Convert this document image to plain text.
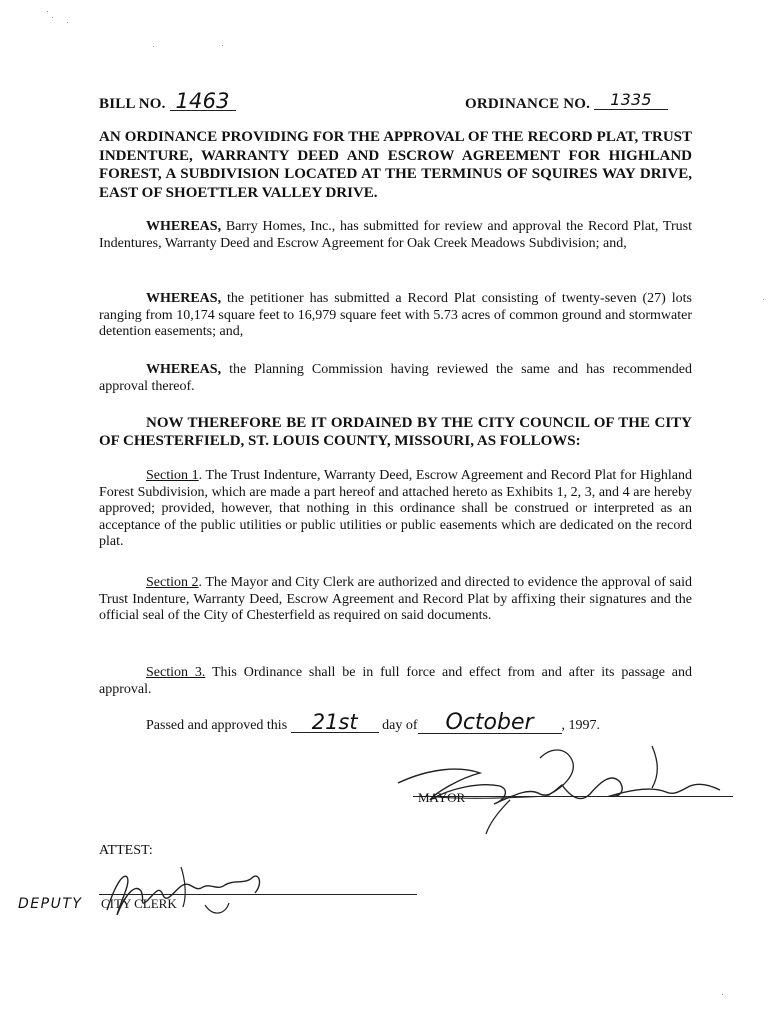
BILL NO. 1463	ORDINANCE NO. 1335
AN ORDINANCE PROVIDING FOR THE APPROVAL OF THE RECORD PLAT, TRUST INDENTURE, WARRANTY DEED AND ESCROW AGREEMENT FOR HIGHLAND FOREST, A SUBDIVISION LOCATED AT THE TERMINUS OF SQUIRES WAY DRIVE, EAST OF SHOETTLER VALLEY DRIVE.
WHEREAS, Barry Homes, Inc., has submitted for review and approval the Record Plat, Trust Indentures, Warranty Deed and Escrow Agreement for Oak Creek Meadows Subdivision; and,
WHEREAS, the petitioner has submitted a Record Plat consisting of twenty-seven (27) lots ranging from 10,174 square feet to 16,979 square feet with 5.73 acres of common ground and stormwater detention easements; and,
WHEREAS, the Planning Commission having reviewed the same and has recommended approval thereof.
NOW THEREFORE BE IT ORDAINED BY THE CITY COUNCIL OF THE CITY OF CHESTERFIELD, ST. LOUIS COUNTY, MISSOURI, AS FOLLOWS:
Section 1. The Trust Indenture, Warranty Deed, Escrow Agreement and Record Plat for Highland Forest Subdivision, which are made a part hereof and attached hereto as Exhibits 1, 2, 3, and 4 are hereby approved; provided, however, that nothing in this ordinance shall be construed or interpreted as an acceptance of the public utilities or public utilities or public easements which are dedicated on the record plat.
Section 2. The Mayor and City Clerk are authorized and directed to evidence the approval of said Trust Indenture, Warranty Deed, Escrow Agreement and Record Plat by affixing their signatures and the official seal of the City of Chesterfield as required on said documents.
Section 3. This Ordinance shall be in full force and effect from and after its passage and approval.
Passed and approved this 21st day of October , 1997.
MAYOR
ATTEST:
CITY CLERK
DEPUTY
